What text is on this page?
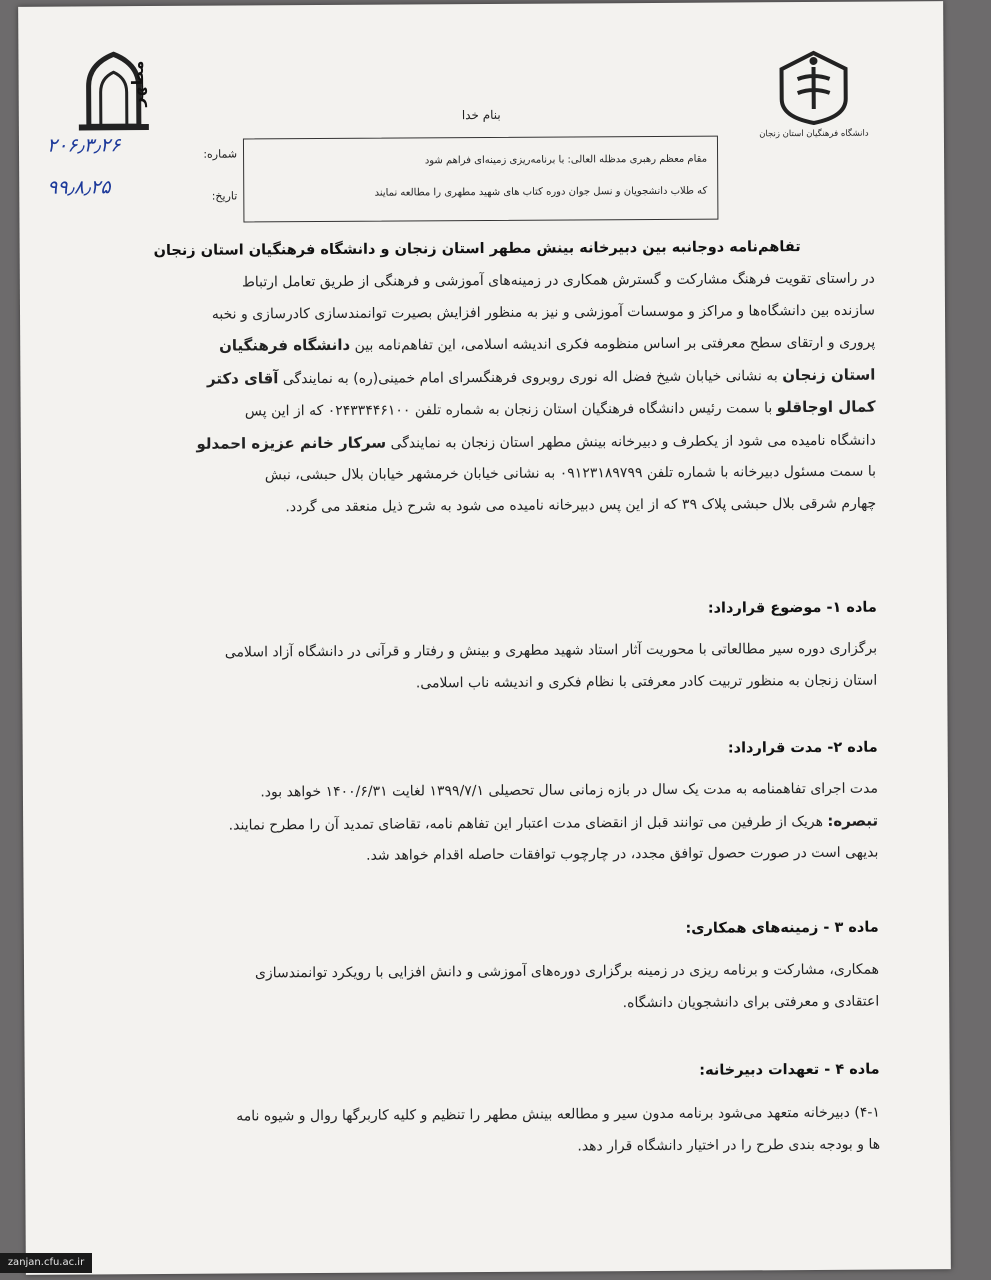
مطهر
دانشگاه فرهنگیان استان زنجان
بنام خدا
شماره:
۲۰۶٫۳٫۲۶
تاریخ:
۹۹٫۸٫۲۵
مقام معظم رهبری مدظله العالی: با برنامه‌ریزی زمینه‌ای فراهم شود
که طلاب دانشجویان و نسل جوان دوره کتاب های شهید مطهری را مطالعه نمایند
تفاهم‌نامه دوجانبه بین دبیرخانه بینش مطهر استان زنجان و دانشگاه فرهنگیان استان زنجان
در راستای تقویت فرهنگ مشارکت و گسترش همکاری در زمینه‌های آموزشی و فرهنگی از طریق تعامل ارتباط
سازنده بین دانشگاه‌ها و مراکز و موسسات آموزشی و نیز به منظور افزایش بصیرت توانمندسازی کادرسازی و نخبه
پروری و ارتقای سطح معرفتی بر اساس منظومه فکری اندیشه اسلامی، این تفاهم‌نامه بین دانشگاه فرهنگیان
استان زنجان به نشانی خیابان شیخ فضل اله نوری روبروی فرهنگسرای امام خمینی(ره) به نمایندگی آقای دکتر
کمال اوجاقلو با سمت رئیس دانشگاه فرهنگیان استان زنجان به شماره تلفن ۰۲۴۳۳۴۴۶۱۰۰ که از این پس
دانشگاه نامیده می شود از یکطرف و دبیرخانه بینش مطهر استان زنجان به نمایندگی سرکار خانم عزیزه احمدلو
با سمت مسئول دبیرخانه با شماره تلفن ۰۹۱۲۳۱۸۹۷۹۹ به نشانی خیابان خرمشهر خیابان بلال حبشی، نبش
چهارم شرقی بلال حبشی پلاک ۳۹ که از این پس دبیرخانه نامیده می شود به شرح ذیل منعقد می گردد.
ماده ۱- موضوع قرارداد:
برگزاری دوره سیر مطالعاتی با محوریت آثار استاد شهید مطهری و بینش و رفتار و قرآنی در دانشگاه آزاد اسلامی
استان زنجان به منظور تربیت کادر معرفتی با نظام فکری و اندیشه ناب اسلامی.
ماده ۲- مدت قرارداد:
مدت اجرای تفاهمنامه به مدت یک سال در بازه زمانی سال تحصیلی ۱۳۹۹/۷/۱ لغایت ۱۴۰۰/۶/۳۱ خواهد بود.
تبصره: هریک از طرفین می توانند قبل از انقضای مدت اعتبار این تفاهم نامه، تقاضای تمدید آن را مطرح نمایند.
بدیهی است در صورت حصول توافق مجدد، در چارچوب توافقات حاصله اقدام خواهد شد.
ماده ۳ - زمینه‌های همکاری:
همکاری، مشارکت و برنامه ریزی در زمینه برگزاری دوره‌های آموزشی و دانش افزایی با رویکرد توانمندسازی
اعتقادی و معرفتی برای دانشجویان دانشگاه.
ماده ۴ - تعهدات دبیرخانه:
۴-۱) دبیرخانه متعهد می‌شود برنامه مدون سیر و مطالعه بینش مطهر را تنظیم و کلیه کاربرگها روال و شیوه نامه
ها و بودجه بندی طرح را در اختیار دانشگاه قرار دهد.
zanjan.cfu.ac.ir
